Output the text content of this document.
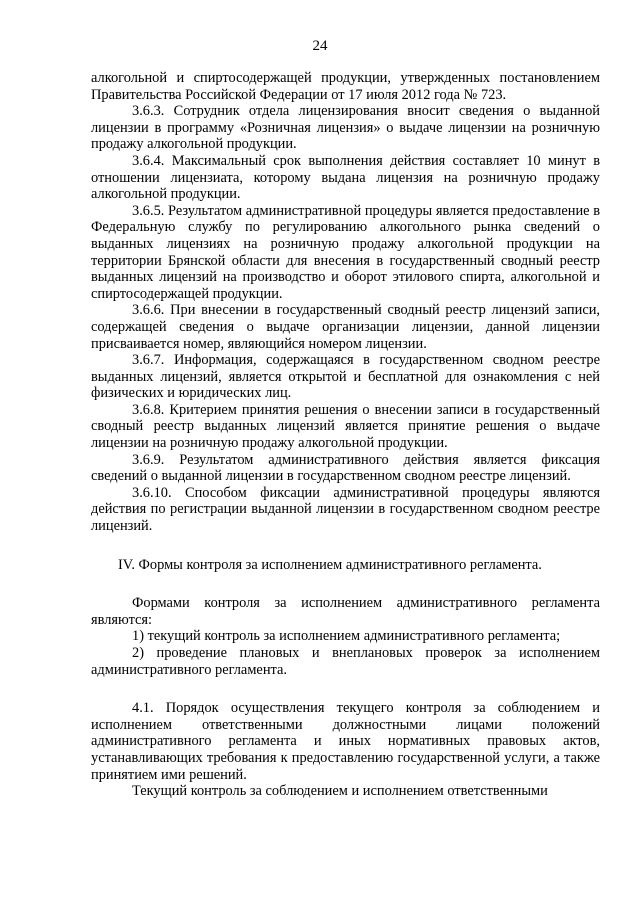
24

алкогольной и спиртосодержащей продукции, утвержденных постановлением Правительства Российской Федерации от 17 июля 2012 года № 723.

3.6.3. Сотрудник отдела лицензирования вносит сведения о выданной лицензии в программу «Розничная лицензия» о выдаче лицензии на розничную продажу алкогольной продукции.

3.6.4. Максимальный срок выполнения действия составляет 10 минут в отношении лицензиата, которому выдана лицензия на розничную продажу алкогольной продукции.

3.6.5. Результатом административной процедуры является предоставление в Федеральную службу по регулированию алкогольного рынка сведений о выданных лицензиях на розничную продажу алкогольной продукции на территории Брянской области для внесения в государственный сводный реестр выданных лицензий на производство и оборот этилового спирта, алкогольной и спиртосодержащей продукции.

3.6.6. При внесении в государственный сводный реестр лицензий записи, содержащей сведения о выдаче организации лицензии, данной лицензии присваивается номер, являющийся номером лицензии.

3.6.7. Информация, содержащаяся в государственном сводном реестре выданных лицензий, является открытой и бесплатной для ознакомления с ней физических и юридических лиц.

3.6.8. Критерием принятия решения о внесении записи в государственный сводный реестр выданных лицензий является принятие решения о выдаче лицензии на розничную продажу алкогольной продукции.

3.6.9. Результатом административного действия является фиксация сведений о выданной лицензии в государственном сводном реестре лицензий.

3.6.10. Способом фиксации административной процедуры являются действия по регистрации выданной лицензии в государственном сводном реестре лицензий.

IV. Формы контроля за исполнением административного регламента.

Формами контроля за исполнением административного регламента являются:

1) текущий контроль за исполнением административного регламента;

2) проведение плановых и внеплановых проверок за исполнением административного регламента.

4.1. Порядок осуществления текущего контроля за соблюдением и исполнением ответственными должностными лицами положений административного регламента и иных нормативных правовых актов, устанавливающих требования к предоставлению государственной услуги, а также принятием ими решений.

Текущий контроль за соблюдением и исполнением ответственными
